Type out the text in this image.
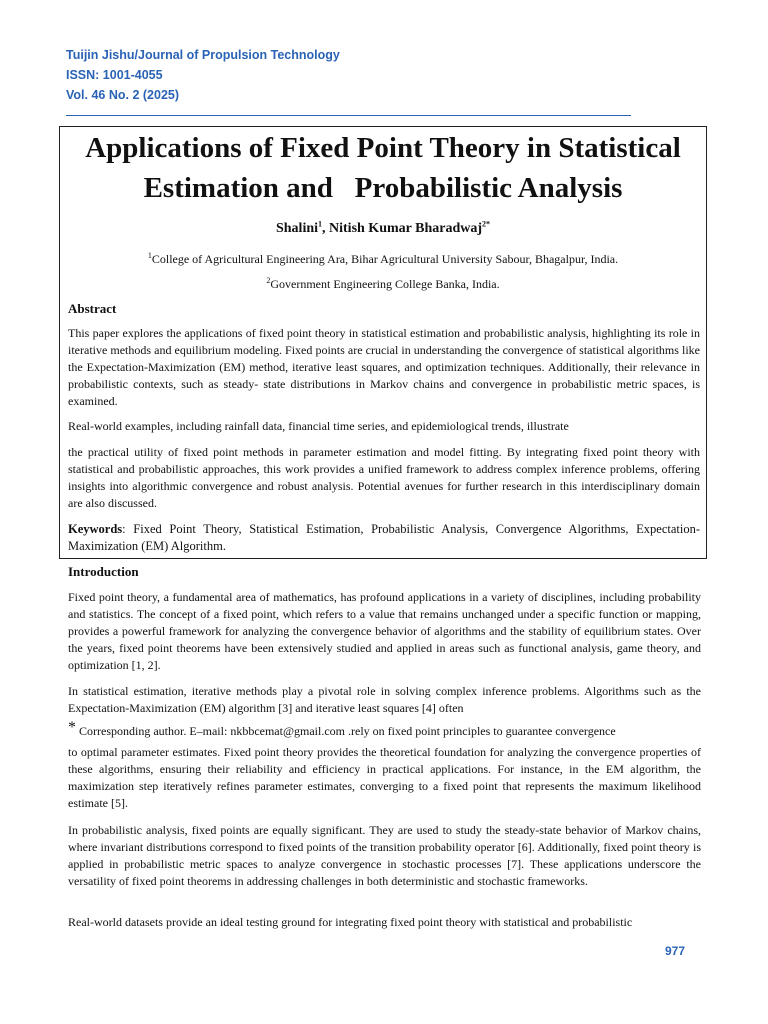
Tuijin Jishu/Journal of Propulsion Technology
ISSN: 1001-4055
Vol. 46 No. 2 (2025)
Applications of Fixed Point Theory in Statistical
Estimation and   Probabilistic Analysis
Shalini$^1$, Nitish Kumar Bharadwaj$^{2*}$
$^1$College of Agricultural Engineering Ara, Bihar Agricultural University Sabour, Bhagalpur, India.
$^2$Government Engineering College Banka, India.
Abstract
This paper explores the applications of fixed point theory in statistical estimation and probabilistic analysis, highlighting its role in iterative methods and equilibrium modeling. Fixed points are crucial in understanding the convergence of statistical algorithms like the Expectation-Maximization (EM) method, iterative least squares, and optimization techniques. Additionally, their relevance in probabilistic contexts, such as steady- state distributions in Markov chains and convergence in probabilistic metric spaces, is examined.
Real-world examples, including rainfall data, financial time series, and epidemiological trends, illustrate
the practical utility of fixed point methods in parameter estimation and model fitting. By integrating fixed point theory with statistical and probabilistic approaches, this work provides a unified framework to address complex inference problems, offering insights into algorithmic convergence and robust analysis. Potential avenues for further research in this interdisciplinary domain are also discussed.
Keywords: Fixed Point Theory, Statistical Estimation, Probabilistic Analysis, Convergence Algorithms, Expectation-Maximization (EM) Algorithm.
Introduction
Fixed point theory, a fundamental area of mathematics, has profound applications in a variety of disciplines, including probability and statistics. The concept of a fixed point, which refers to a value that remains unchanged under a specific function or mapping, provides a powerful framework for analyzing the convergence behavior of algorithms and the stability of equilibrium states. Over the years, fixed point theorems have been extensively studied and applied in areas such as functional analysis, game theory, and optimization [1, 2].
In statistical estimation, iterative methods play a pivotal role in solving complex inference problems. Algorithms such as the Expectation-Maximization (EM) algorithm [3] and iterative least squares [4] often
* Corresponding author. E–mail: nkbbcemat@gmail.com .rely on fixed point principles to guarantee convergence
to optimal parameter estimates. Fixed point theory provides the theoretical foundation for analyzing the convergence properties of these algorithms, ensuring their reliability and efficiency in practical applications. For instance, in the EM algorithm, the maximization step iteratively refines parameter estimates, converging to a fixed point that represents the maximum likelihood estimate [5].
In probabilistic analysis, fixed points are equally significant. They are used to study the steady-state behavior of Markov chains, where invariant distributions correspond to fixed points of the transition probability operator [6]. Additionally, fixed point theory is applied in probabilistic metric spaces to analyze convergence in stochastic processes [7]. These applications underscore the versatility of fixed point theorems in addressing challenges in both deterministic and stochastic frameworks.
Real-world datasets provide an ideal testing ground for integrating fixed point theory with statistical and probabilistic
977
